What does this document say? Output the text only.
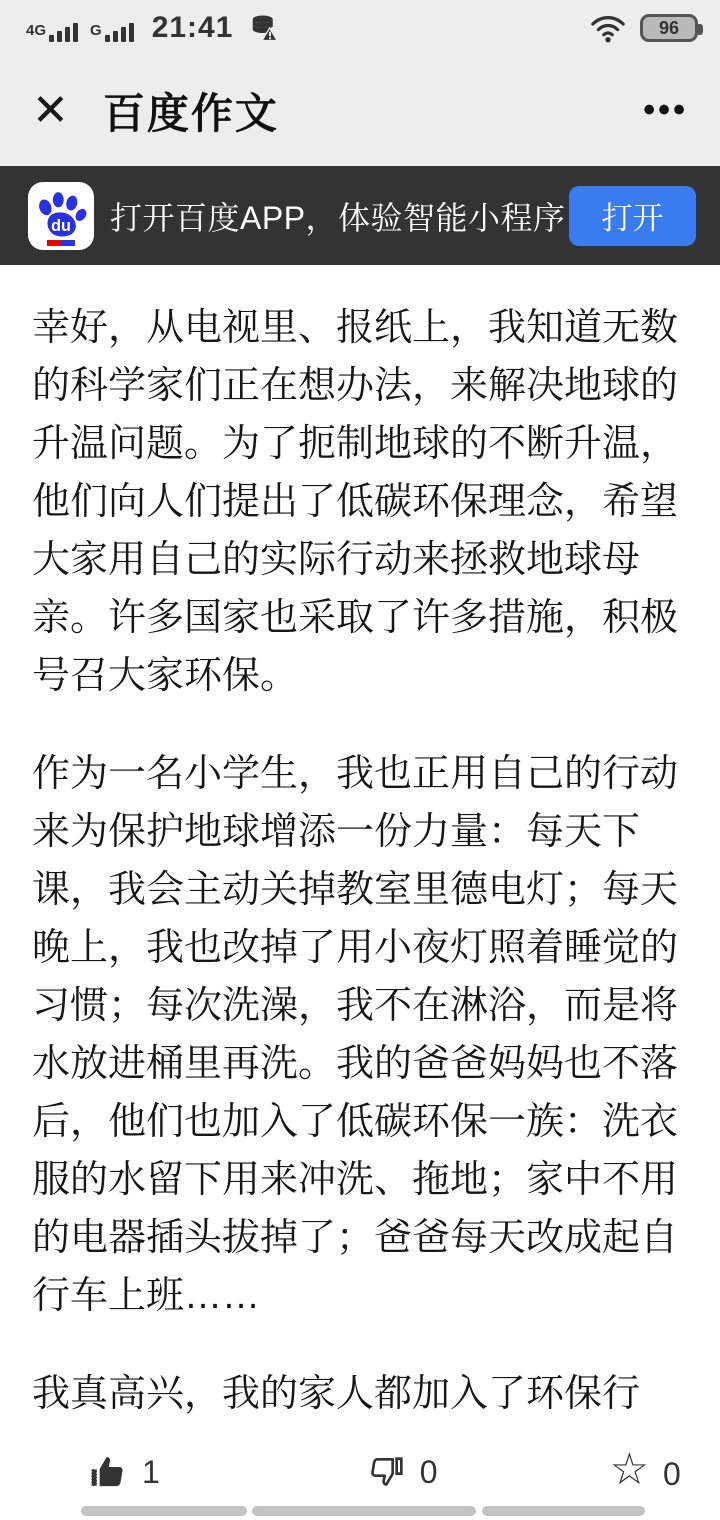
4G	G 21:41	96
✕ 百度作文	•••
du 打开百度APP，体验智能小程序	打开

幸好，从电视里、报纸上，我知道无数的科学家们正在想办法，来解决地球的升温问题。为了扼制地球的不断升温，他们向人们提出了低碳环保理念，希望大家用自己的实际行动来拯救地球母亲。许多国家也采取了许多措施，积极号召大家环保。

作为一名小学生，我也正用自己的行动来为保护地球增添一份力量：每天下课，我会主动关掉教室里德电灯；每天晚上，我也改掉了用小夜灯照着睡觉的习惯；每次洗澡，我不在淋浴，而是将水放进桶里再洗。我的爸爸妈妈也不落后，他们也加入了低碳环保一族：洗衣服的水留下用来冲洗、拖地；家中不用的电器插头拔掉了；爸爸每天改成起自行车上班……

我真高兴，我的家人都加入了环保行

1	0	☆ 0
